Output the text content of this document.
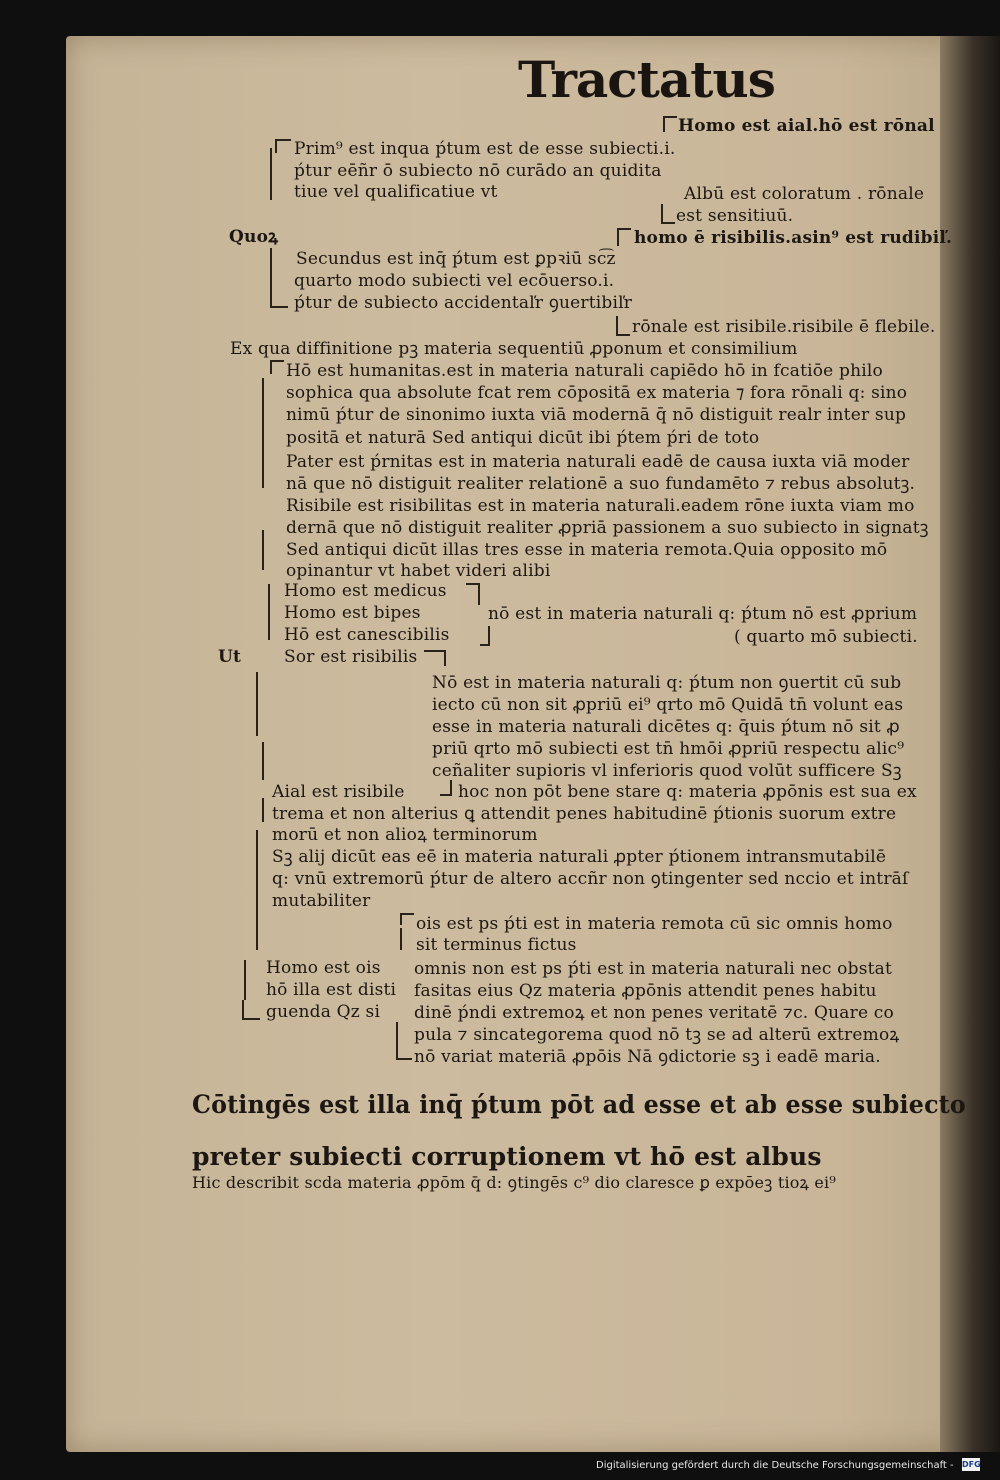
Tractatus
Homo est aial.hō est rōnal
Prim⁹ est inqua ṕtum est de esse subiecti.i.
ṕtur eēñr ō subiecto nō curādo an quidita
tiue vel qualificatiue vt	Albū est coloratum . rōnale
est sensitiuū.
Quoꝝ	homo ē risibilis.asin⁹ est rudibiľ.
Secundus est inq̄ ṕtum est ꝑpꝛiū sc͡z
quarto modo subiecti vel ecōuerso.i.
ṕtur de subiecto accidentaľr ꝯuertibiľr
rōnale est risibile.risibile ē flebile.
Ex qua diffinitione pꝫ materia sequentiū ꝓponum et consimilium
Hō est humanitas.est in materia naturali capiēdo hō in fcatiōe philo
sophica qua absolute fcat rem cōpositā ex materia ⁊ fora rōnali q: sino
nimū ṕtur de sinonimo iuxta viā modernā q̄ nō distiguit realr inter sup
positā et naturā Sed antiqui dicūt ibi ṕtem ṕri de toto
Pater est ṕrnitas est in materia naturali eadē de causa iuxta viā moder
nā que nō distiguit realiter relationē a suo fundamēto ⁊ rebus absolutꝫ.
Risibile est risibilitas est in materia naturali.eadem rōne iuxta viam mo
dernā que nō distiguit realiter ꝓpriā passionem a suo subiecto in signatꝫ
Sed antiqui dicūt illas tres esse in materia remota.Quia opposito mō
opinantur vt habet videri alibi
Homo est medicus
Homo est bipes	nō est in materia naturali q: ṕtum nō est ꝓprium
Hō est canescibilis	( quarto mō subiecti.
Ut	Sor est risibilis
Nō est in materia naturali q: ṕtum non ꝯuertit cū sub
iecto cū non sit ꝓpriū ei⁹ qrto mō Quidā tn̄ volunt eas
esse in materia naturali dicētes q: q̄uis ṕtum nō sit ꝓ
priū qrto mō subiecti est tn̄ hmōi ꝓpriū respectu alic⁹
ceñaliter supioris vl inferioris quod volūt sufficere Sꝫ
Aial est risibile	hoc non pōt bene stare q: materia ꝓpōnis est sua ex
trema et non alterius ꝗ attendit penes habitudinē ṕtionis suorum extre
morū et non alioꝝ terminorum
Sꝫ alij dicūt eas eē in materia naturali ꝓpter ṕtionem intransmutabilē
q: vnū extremorū ṕtur de altero accñr non ꝯtingenter sed nccio et intrāſ
mutabiliter
ois est ps ṕti est in materia remota cū sic omnis homo
sit terminus fictus
Homo est ois omnis non est ps ṕti est in materia naturali nec obstat
hō illa est disti fasitas eius Qz materia ꝓpōnis attendit penes habitu
guenda Qz si dinē ṕndi extremoꝝ et non penes veritatē ⁊c. Quare co
pula ⁊ sincategorema quod nō tꝫ se ad alterū extremoꝝ
nō variat materiā ꝓpōis Nā ꝯdictorie sꝫ i eadē maria.
Cōtingēs est illa inq̄ ṕtum pōt ad esse et ab esse subiecto
preter subiecti corruptionem vt hō est albus
Hic describit scda materia ꝓpōm q̄ d: ꝯtingēs c⁹ dio claresce ꝑ expōeꝫ tioꝝ ei⁹
Digitalisierung gefördert durch die Deutsche Forschungsgemeinschaft - DFG
